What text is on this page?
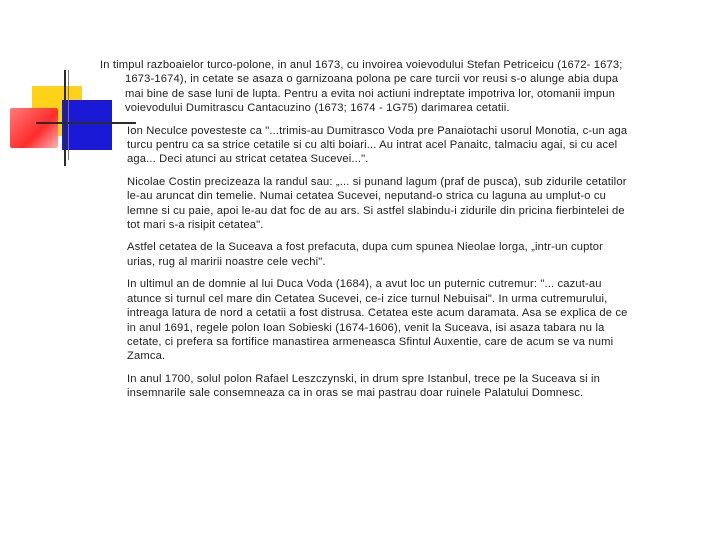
In timpul razboaielor turco-polone, in anul 1673, cu invoirea voievodului Stefan Petriceicu (1672- 1673; 1673-1674), in cetate se asaza o garnizoana polona pe care turcii vor reusi s-o alunge abia dupa mai bine de sase luni de lupta. Pentru a evita noi actiuni indreptate impotriva lor, otomanii impun voievodului Dumitrascu Cantacuzino (1673; 1674 - 1G75) darimarea cetatii.

Ion Neculce povesteste ca "...trimis-au Dumitrasco Voda pre Panaiotachi usorul Monotia, c-un aga turcu pentru ca sa strice cetatile si cu alti boiari... Au intrat acel Panaitc, talmaciu agai, si cu acel aga... Deci atunci au stricat cetatea Sucevei...".

Nicolae Costin precizeaza la randul sau: „... si punand lagum (praf de pusca), sub zidurile cetatilor le-au aruncat din temelie. Numai cetatea Sucevei, neputand-o strica cu laguna au umplut-o cu lemne si cu paie, apoi le-au dat foc de au ars. Si astfel slabindu-i zidurile din pricina fierbintelei de tot mari s-a risipit cetatea".

Astfel cetatea de la Suceava a fost prefacuta, dupa cum spunea Nieolae lorga, „intr-un cuptor urias, rug al maririi noastre cele vechi".

In ultimul an de domnie al lui Duca Voda (1684), a avut loc un puternic cutremur: "... cazut-au atunce si turnul cel mare din Cetatea Sucevei, ce-i zice turnul Nebuisai". In urma cutremurului, intreaga latura de nord a cetatii a fost distrusa. Cetatea este acum daramata. Asa se explica de ce in anul 1691, regele polon Ioan Sobieski (1674-1606), venit la Suceava, isi asaza tabara nu la cetate, ci prefera sa fortifice manastirea armeneasca Sfintul Auxentie, care de acum se va numi Zamca.

In anul 1700, solul polon Rafael Leszczynski, in drum spre Istanbul, trece pe la Suceava si in insemnarile sale consemneaza ca in oras se mai pastrau doar ruinele Palatului Domnesc.
